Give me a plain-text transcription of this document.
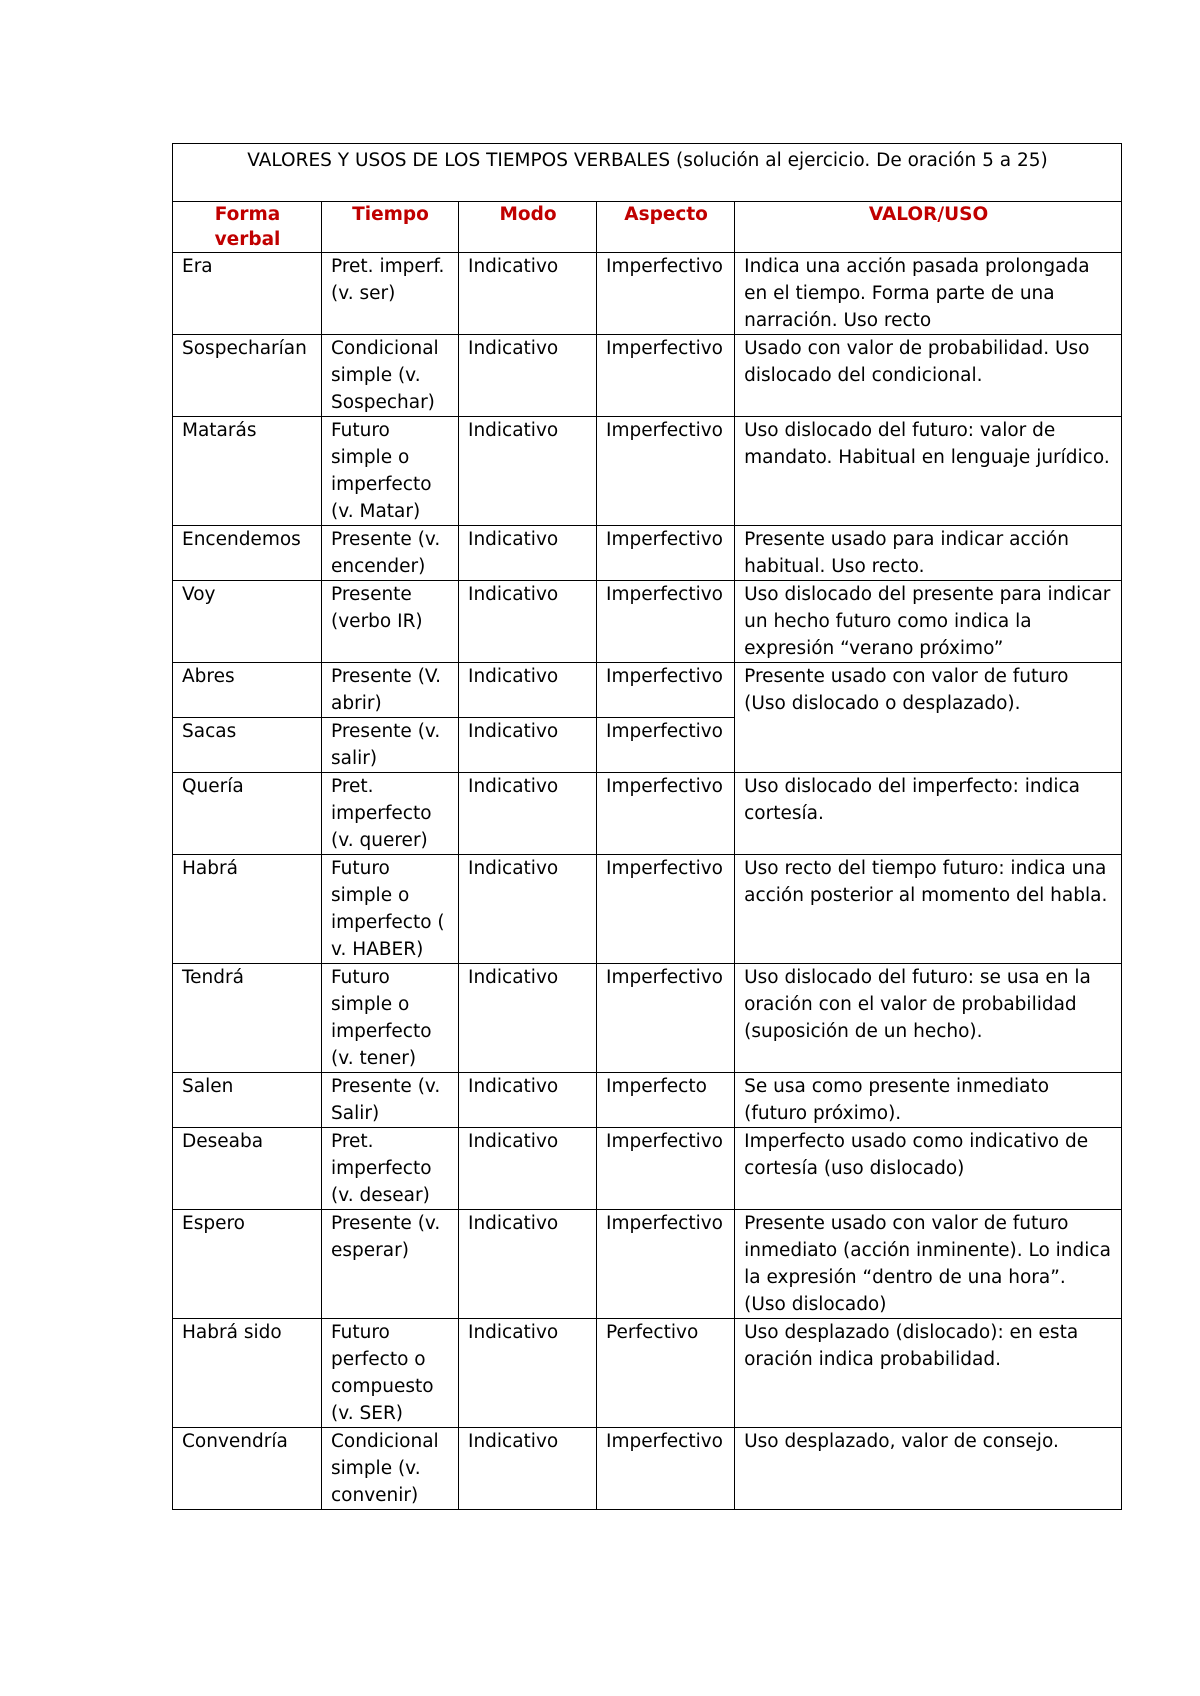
VALORES Y USOS DE LOS TIEMPOS VERBALES (solución al ejercicio. De oración 5 a 25)				
Forma verbal	Tiempo	Modo	Aspecto	VALOR/USO
Era	Pret. imperf. (v. ser)	Indicativo	Imperfectivo	Indica una acción pasada prolongada en el tiempo. Forma parte de una narración. Uso recto
Sospecharían	Condicional simple (v. Sospechar)	Indicativo	Imperfectivo	Usado con valor de probabilidad. Uso dislocado del condicional.
Matarás	Futuro simple o imperfecto (v. Matar)	Indicativo	Imperfectivo	Uso dislocado del futuro: valor de mandato. Habitual en lenguaje jurídico.
Encendemos	Presente (v. encender)	Indicativo	Imperfectivo	Presente usado para indicar acción habitual. Uso recto.
Voy	Presente (verbo IR)	Indicativo	Imperfectivo	Uso dislocado del presente para indicar un hecho futuro como indica la expresión “verano próximo”
Abres	Presente (V. abrir)	Indicativo	Imperfectivo	Presente usado con valor de futuro (Uso dislocado o desplazado).
Sacas	Presente (v. salir)	Indicativo	Imperfectivo	
Quería	Pret. imperfecto (v. querer)	Indicativo	Imperfectivo	Uso dislocado del imperfecto: indica cortesía.
Habrá	Futuro simple o imperfecto ( v. HABER)	Indicativo	Imperfectivo	Uso recto del tiempo futuro: indica una acción posterior al momento del habla.
Tendrá	Futuro simple o imperfecto (v. tener)	Indicativo	Imperfectivo	Uso dislocado del futuro: se usa en la oración con el valor de probabilidad (suposición de un hecho).
Salen	Presente (v. Salir)	Indicativo	Imperfecto	Se usa como presente inmediato (futuro próximo).
Deseaba	Pret. imperfecto (v. desear)	Indicativo	Imperfectivo	Imperfecto usado como indicativo de cortesía (uso dislocado)
Espero	Presente (v. esperar)	Indicativo	Imperfectivo	Presente usado con valor de futuro inmediato (acción inminente). Lo indica la expresión “dentro de una hora”. (Uso dislocado)
Habrá sido	Futuro perfecto o compuesto (v. SER)	Indicativo	Perfectivo	Uso desplazado (dislocado): en esta oración indica probabilidad.
Convendría	Condicional simple (v. convenir)	Indicativo	Imperfectivo	Uso desplazado, valor de consejo.
